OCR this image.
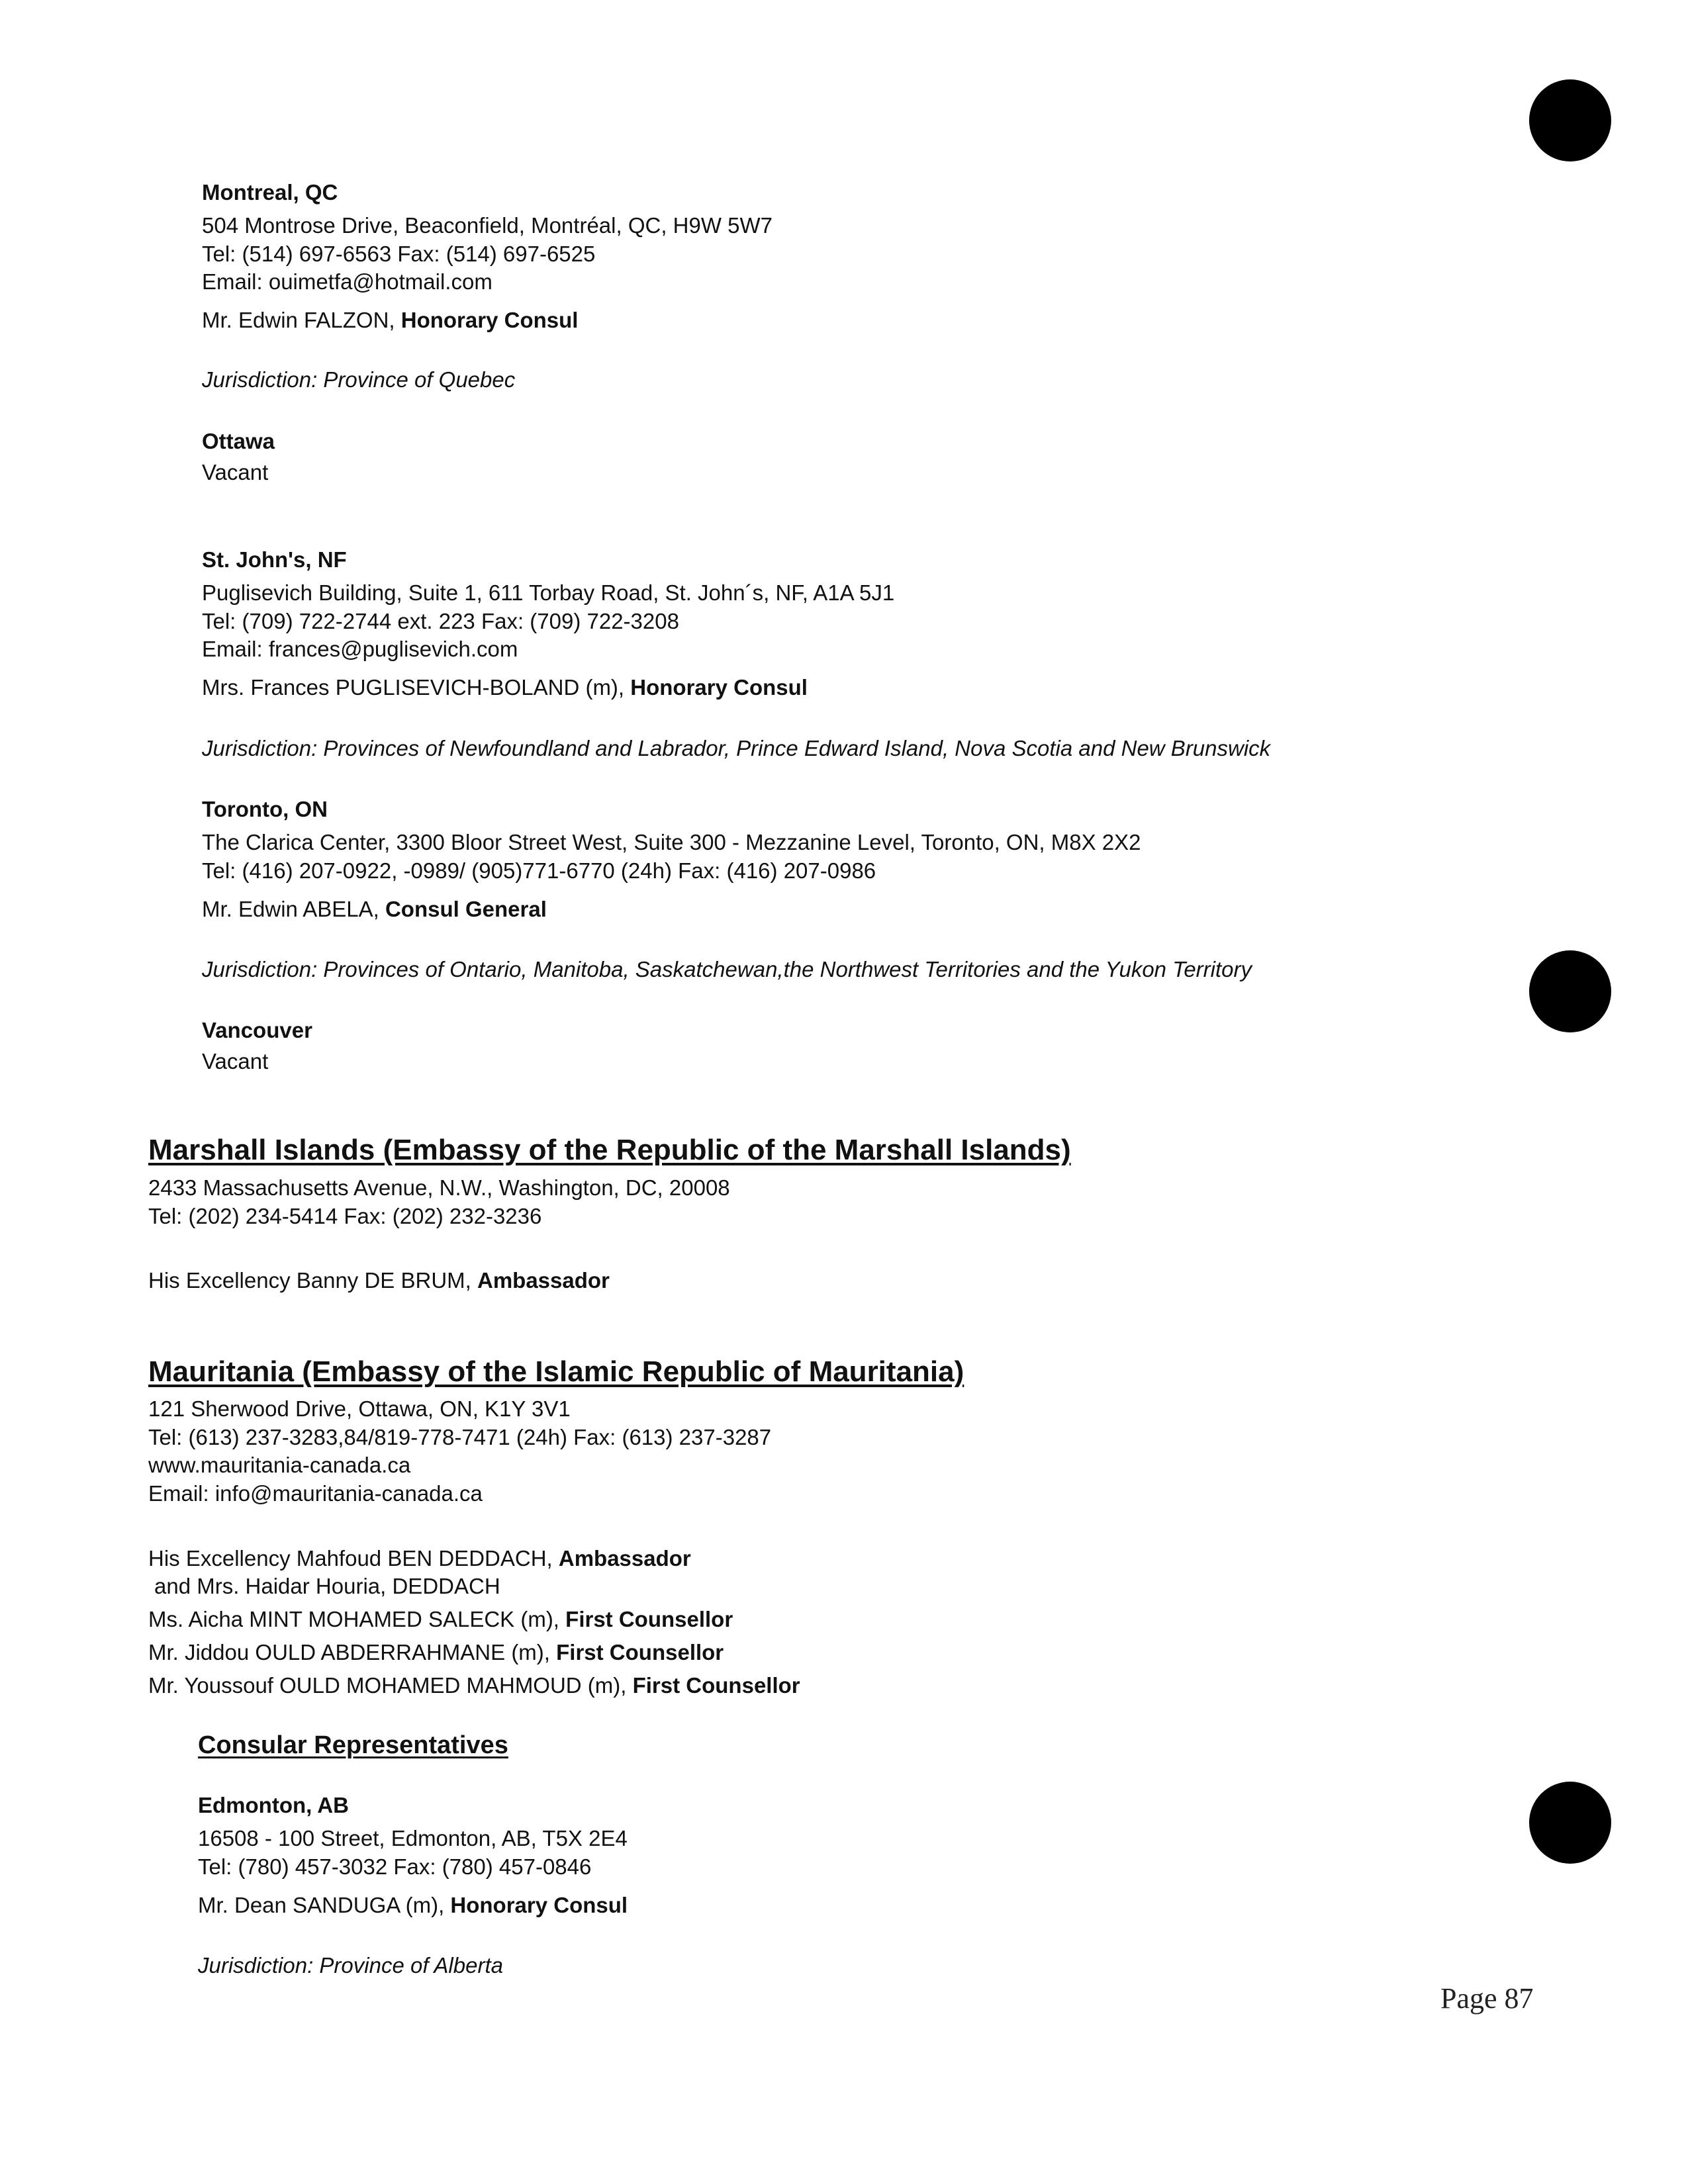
Montreal, QC
504 Montrose Drive, Beaconfield, Montréal, QC, H9W 5W7
Tel: (514) 697-6563 Fax: (514) 697-6525
Email: ouimetfa@hotmail.com
Mr. Edwin FALZON, Honorary Consul
Jurisdiction: Province of Quebec
Ottawa
Vacant
St. John's, NF
Puglisevich Building, Suite 1, 611 Torbay Road, St. John´s, NF, A1A 5J1
Tel: (709) 722-2744 ext. 223 Fax: (709) 722-3208
Email: frances@puglisevich.com
Mrs. Frances PUGLISEVICH-BOLAND (m), Honorary Consul
Jurisdiction: Provinces of Newfoundland and Labrador, Prince Edward Island, Nova Scotia and New Brunswick
Toronto, ON
The Clarica Center, 3300 Bloor Street West, Suite 300 - Mezzanine Level, Toronto, ON, M8X 2X2
Tel: (416) 207-0922, -0989/ (905)771-6770 (24h) Fax: (416) 207-0986
Mr. Edwin ABELA, Consul General
Jurisdiction: Provinces of Ontario, Manitoba, Saskatchewan,the Northwest Territories and the Yukon Territory
Vancouver
Vacant
Marshall Islands (Embassy of the Republic of the Marshall Islands)
2433 Massachusetts Avenue, N.W., Washington, DC, 20008
Tel: (202) 234-5414 Fax: (202) 232-3236
His Excellency Banny DE BRUM, Ambassador
Mauritania (Embassy of the Islamic Republic of Mauritania)
121 Sherwood Drive, Ottawa, ON, K1Y 3V1
Tel: (613) 237-3283,84/819-778-7471 (24h) Fax: (613) 237-3287
www.mauritania-canada.ca
Email: info@mauritania-canada.ca
His Excellency Mahfoud BEN DEDDACH, Ambassador
and Mrs. Haidar Houria, DEDDACH
Ms. Aicha MINT MOHAMED SALECK (m), First Counsellor
Mr. Jiddou OULD ABDERRAHMANE (m), First Counsellor
Mr. Youssouf OULD MOHAMED MAHMOUD (m), First Counsellor
Consular Representatives
Edmonton, AB
16508 - 100 Street, Edmonton, AB, T5X 2E4
Tel: (780) 457-3032 Fax: (780) 457-0846
Mr. Dean SANDUGA (m), Honorary Consul
Jurisdiction: Province of Alberta
Page 87
